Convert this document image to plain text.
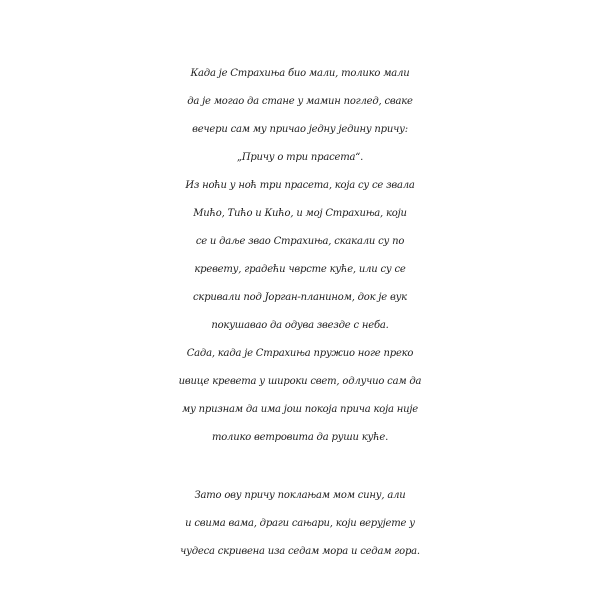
Када је Страхиња био мали, толико мали
да је могао да стане у мамин поглед, сваке
вечери сам му причао једну једину причу:
„Причу о три прасета“.
Из ноћи у ноћ три прасета, која су се звала
Мићо, Тићо и Кићо, и мој Страхиња, који
се и даље звао Страхиња, скакали су по
кревету, градећи чврсте куће, или су се
скривали под Јорган-планином, док је вук
покушавао да одува звезде с неба.
Сада, када је Страхиња пружио ноге преко
ивице кревета у широки свет, одлучио сам да
му признам да има још покоја прича која није
толико ветровита да руши куће.
Зато ову причу поклањам мом сину, али
и свима вама, драги сањари, који верујете у
чудеса скривена иза седам мора и седам гора.
